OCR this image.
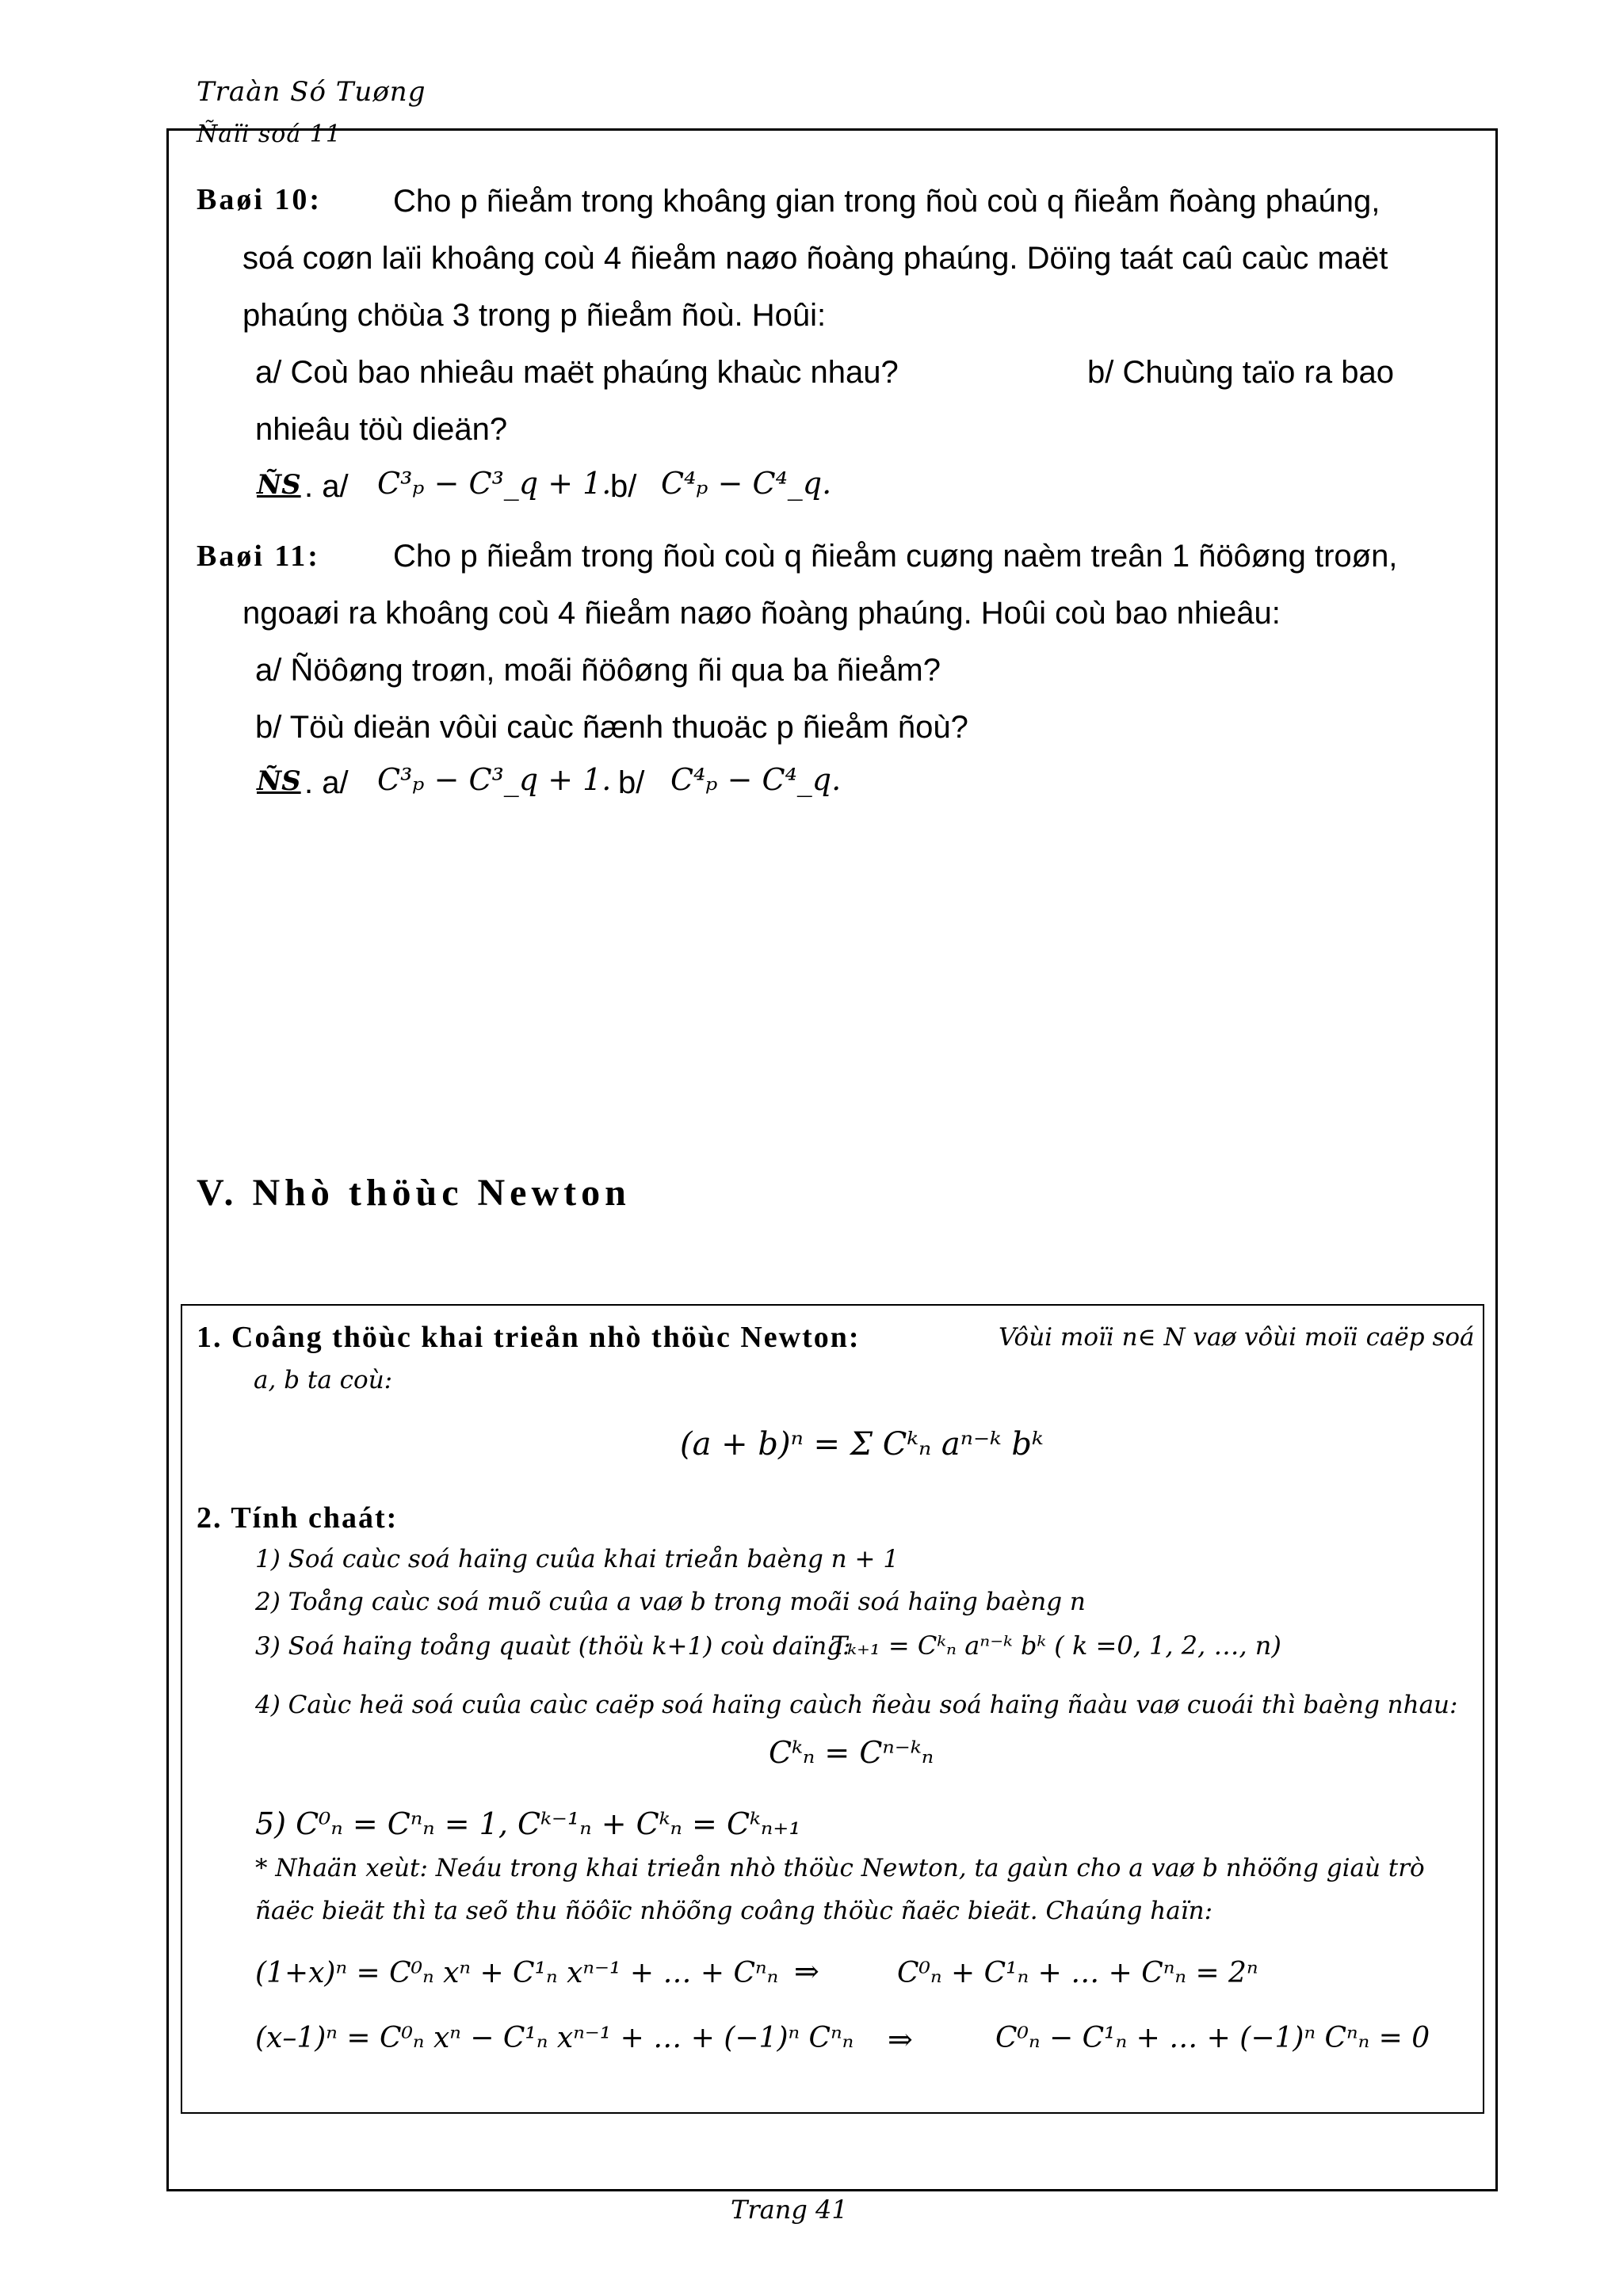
Traàn Só Tuøng
Ñaïi soá 11
Baøi 10: Cho p ñieåm trong khoâng gian trong ñoù coù q ñieåm ñoàng phaúng,
soá coøn laïi khoâng coù 4 ñieåm naøo ñoàng phaúng. Döïng taát caû caùc maët
phaúng chöùa 3 trong p ñieåm ñoù. Hoûi:
a/ Coù bao nhieâu maët phaúng khaùc nhau?	b/ Chuùng taïo ra bao
nhieâu töù dieän?
ÑS . a/ C³ₚ − C³_q + 1.
b/ C⁴ₚ − C⁴_q.
Baøi 11: Cho p ñieåm trong ñoù coù q ñieåm cuøng naèm treân 1 ñöôøng troøn,
ngoaøi ra khoâng coù 4 ñieåm naøo ñoàng phaúng. Hoûi coù bao nhieâu:
a/ Ñöôøng troøn, moãi ñöôøng ñi qua ba ñieåm?
b/ Töù dieän vôùi caùc ñænh thuoäc p ñieåm ñoù?
ÑS . a/ C³ₚ − C³_q + 1. b/ C⁴ₚ − C⁴_q.
V. Nhò thöùc Newton
1. Coâng thöùc khai trieån nhò thöùc Newton:	Vôùi moïi n∈ N vaø vôùi moïi caëp soá
a, b ta coù:
(a + b)ⁿ = Σ Cᵏₙ aⁿ⁻ᵏ bᵏ
2. Tính chaát:
1) Soá caùc soá haïng cuûa khai trieån baèng n + 1
2) Toång caùc soá muõ cuûa a vaø b trong moãi soá haïng baèng n
3) Soá haïng toång quaùt (thöù k+1) coù daïng:
Tₖ₊₁ = Cᵏₙ aⁿ⁻ᵏ bᵏ ( k =0, 1, 2, …, n)
4) Caùc heä soá cuûa caùc caëp soá haïng caùch ñeàu soá haïng ñaàu vaø cuoái thì baèng nhau:
Cᵏₙ = Cⁿ⁻ᵏₙ
5) C⁰ₙ = Cⁿₙ = 1, Cᵏ⁻¹ₙ + Cᵏₙ = Cᵏₙ₊₁
* Nhaän xeùt: Neáu trong khai trieån nhò thöùc Newton, ta gaùn cho a vaø b nhöõng giaù trò
ñaëc bieät thì ta seõ thu ñöôïc nhöõng coâng thöùc ñaëc bieät. Chaúng haïn:
(1+x)ⁿ = C⁰ₙ xⁿ + C¹ₙ xⁿ⁻¹ + … + Cⁿₙ ⇒	C⁰ₙ + C¹ₙ + … + Cⁿₙ = 2ⁿ
(x–1)ⁿ = C⁰ₙ xⁿ − C¹ₙ xⁿ⁻¹ + … + (−1)ⁿ Cⁿₙ ⇒	C⁰ₙ − C¹ₙ + … + (−1)ⁿ Cⁿₙ = 0
Trang 41
